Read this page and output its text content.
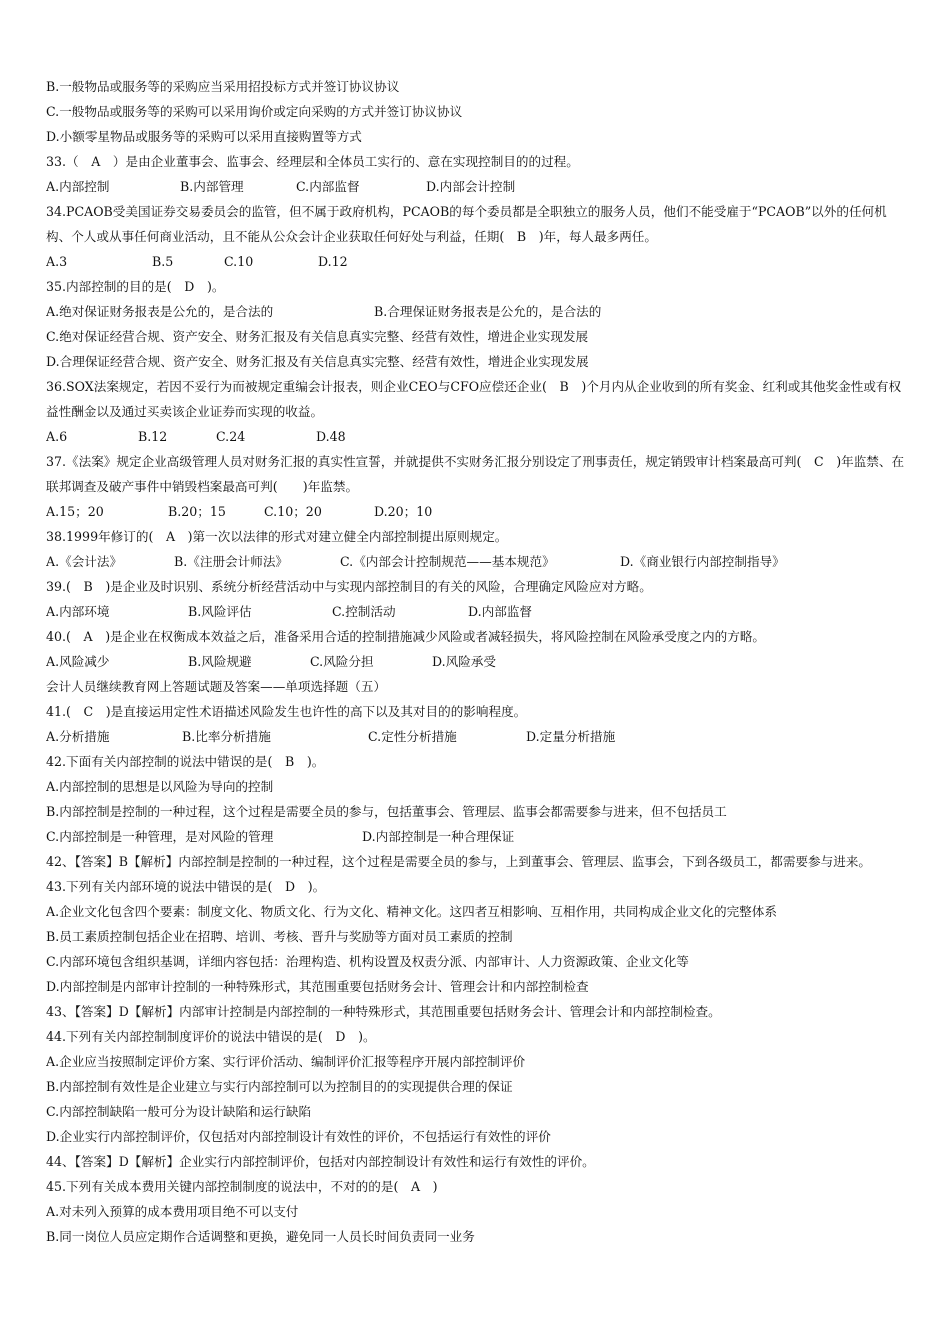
B.一般物品或服务等的采购应当采用招投标方式并签订协议协议
C.一般物品或服务等的采购可以采用询价或定向采购的方式并签订协议协议
D.小额零星物品或服务等的采购可以采用直接购置等方式
33.（　A　）是由企业董事会、监事会、经理层和全体员工实行的、意在实现控制目的的过程。
A.内部控制	B.内部管理	C.内部监督	D.内部会计控制
34.PCAOB受美国证券交易委员会的监管，但不属于政府机构，PCAOB的每个委员都是全职独立的服务人员，他们不能受雇于“PCAOB”以外的任何机构、个人或从事任何商业活动，且不能从公众会计企业获取任何好处与利益，任期(　B　)年，每人最多两任。
A.3	B.5	C.10	D.12
35.内部控制的目的是(　D　)。
A.绝对保证财务报表是公允的，是合法的	B.合理保证财务报表是公允的，是合法的
C.绝对保证经营合规、资产安全、财务汇报及有关信息真实完整、经营有效性，增进企业实现发展
D.合理保证经营合规、资产安全、财务汇报及有关信息真实完整、经营有效性，增进企业实现发展
36.SOX法案规定，若因不妥行为而被规定重编会计报表，则企业CEO与CFO应偿还企业(　B　)个月内从企业收到的所有奖金、红利或其他奖金性或有权益性酬金以及通过买卖该企业证券而实现的收益。
A.6	B.12	C.24	D.48
37.《法案》规定企业高级管理人员对财务汇报的真实性宣誓，并就提供不实财务汇报分别设定了刑事责任，规定销毁审计档案最高可判(　C　)年监禁、在联邦调查及破产事件中销毁档案最高可判(　　)年监禁。
A.15；20	B.20；15	C.10；20	D.20；10
38.1999年修订的(　A　)第一次以法律的形式对建立健全内部控制提出原则规定。
A.《会计法》	B.《注册会计师法》	C.《内部会计控制规范——基本规范》	D.《商业银行内部控制指导》
39.(　B　)是企业及时识别、系统分析经营活动中与实现内部控制目的有关的风险，合理确定风险应对方略。
A.内部环境	B.风险评估	C.控制活动	D.内部监督
40.(　A　)是企业在权衡成本效益之后，准备采用合适的控制措施减少风险或者减轻损失，将风险控制在风险承受度之内的方略。
A.风险减少	B.风险规避	C.风险分担	D.风险承受
会计人员继续教育网上答题试题及答案——单项选择题（五）
41.(　C　)是直接运用定性术语描述风险发生也许性的高下以及其对目的的影响程度。
A.分析措施	B.比率分析措施	C.定性分析措施	D.定量分析措施
42.下面有关内部控制的说法中错误的是(　B　)。
A.内部控制的思想是以风险为导向的控制
B.内部控制是控制的一种过程，这个过程是需要全员的参与，包括董事会、管理层、监事会都需要参与进来，但不包括员工
C.内部控制是一种管理，是对风险的管理	D.内部控制是一种合理保证
42、【答案】B【解析】内部控制是控制的一种过程，这个过程是需要全员的参与，上到董事会、管理层、监事会，下到各级员工，都需要参与进来。
43.下列有关内部环境的说法中错误的是(　D　)。
A.企业文化包含四个要素：制度文化、物质文化、行为文化、精神文化。这四者互相影响、互相作用，共同构成企业文化的完整体系
B.员工素质控制包括企业在招聘、培训、考核、晋升与奖励等方面对员工素质的控制
C.内部环境包含组织基调，详细内容包括：治理构造、机构设置及权责分派、内部审计、人力资源政策、企业文化等
D.内部控制是内部审计控制的一种特殊形式，其范围重要包括财务会计、管理会计和内部控制检查
43、【答案】D【解析】内部审计控制是内部控制的一种特殊形式，其范围重要包括财务会计、管理会计和内部控制检查。
44.下列有关内部控制制度评价的说法中错误的是(　D　)。
A.企业应当按照制定评价方案、实行评价活动、编制评价汇报等程序开展内部控制评价
B.内部控制有效性是企业建立与实行内部控制可以为控制目的的实现提供合理的保证
C.内部控制缺陷一般可分为设计缺陷和运行缺陷
D.企业实行内部控制评价，仅包括对内部控制设计有效性的评价，不包括运行有效性的评价
44、【答案】D【解析】企业实行内部控制评价，包括对内部控制设计有效性和运行有效性的评价。
45.下列有关成本费用关键内部控制制度的说法中，不对的的是(　A　)
A.对未列入预算的成本费用项目绝不可以支付
B.同一岗位人员应定期作合适调整和更换，避免同一人员长时间负责同一业务
